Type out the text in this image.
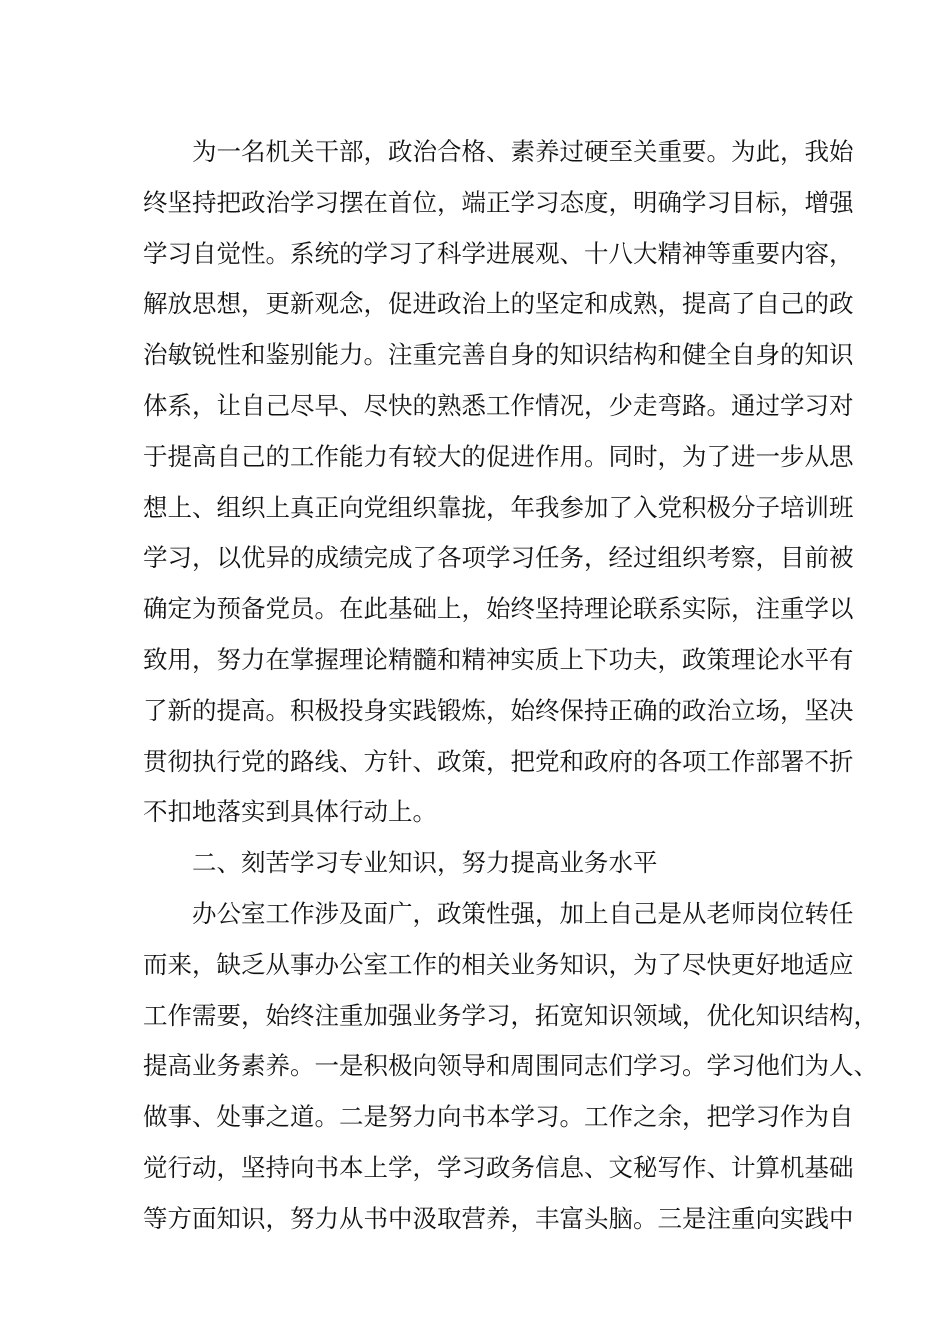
为一名机关干部，政治合格、素养过硬至关重要。为此，我始
终坚持把政治学习摆在首位，端正学习态度，明确学习目标，增强
学习自觉性。系统的学习了科学进展观、十八大精神等重要内容，
解放思想，更新观念，促进政治上的坚定和成熟，提高了自己的政
治敏锐性和鉴别能力。注重完善自身的知识结构和健全自身的知识
体系，让自己尽早、尽快的熟悉工作情况，少走弯路。通过学习对
于提高自己的工作能力有较大的促进作用。同时，为了进一步从思
想上、组织上真正向党组织靠拢，年我参加了入党积极分子培训班
学习，以优异的成绩完成了各项学习任务，经过组织考察，目前被
确定为预备党员。在此基础上，始终坚持理论联系实际，注重学以
致用，努力在掌握理论精髓和精神实质上下功夫，政策理论水平有
了新的提高。积极投身实践锻炼，始终保持正确的政治立场，坚决
贯彻执行党的路线、方针、政策，把党和政府的各项工作部署不折
不扣地落实到具体行动上。
二、刻苦学习专业知识，努力提高业务水平
办公室工作涉及面广，政策性强，加上自己是从老师岗位转任
而来，缺乏从事办公室工作的相关业务知识，为了尽快更好地适应
工作需要，始终注重加强业务学习，拓宽知识领域，优化知识结构，
提高业务素养。一是积极向领导和周围同志们学习。学习他们为人、
做事、处事之道。二是努力向书本学习。工作之余，把学习作为自
觉行动，坚持向书本上学，学习政务信息、文秘写作、计算机基础
等方面知识，努力从书中汲取营养，丰富头脑。三是注重向实践中
